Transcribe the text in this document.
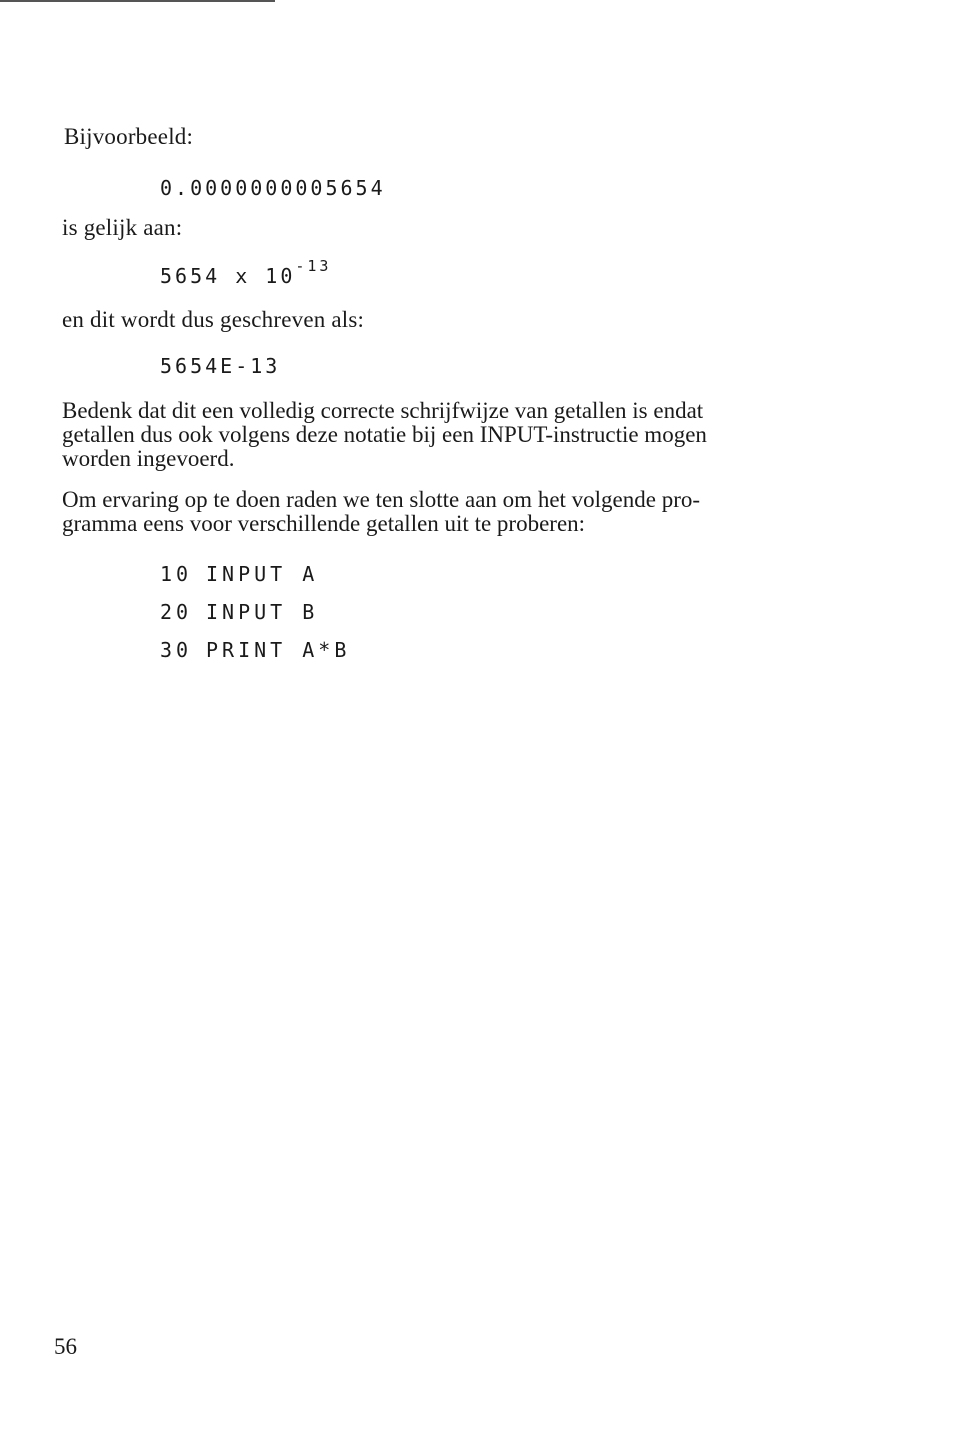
Bijvoorbeeld:
0.0000000005654
is gelijk aan:
5654 x $10^{-13}$
en dit wordt dus geschreven als:
5654E-13
Bedenk dat dit een volledig correcte schrijfwijze van getallen is endat
getallen dus ook volgens deze notatie bij een INPUT-instructie mogen
worden ingevoerd.
Om ervaring op te doen raden we ten slotte aan om het volgende pro-
gramma eens voor verschillende getallen uit te proberen:
10 INPUT A
20 INPUT B
30 PRINT A*B
56
